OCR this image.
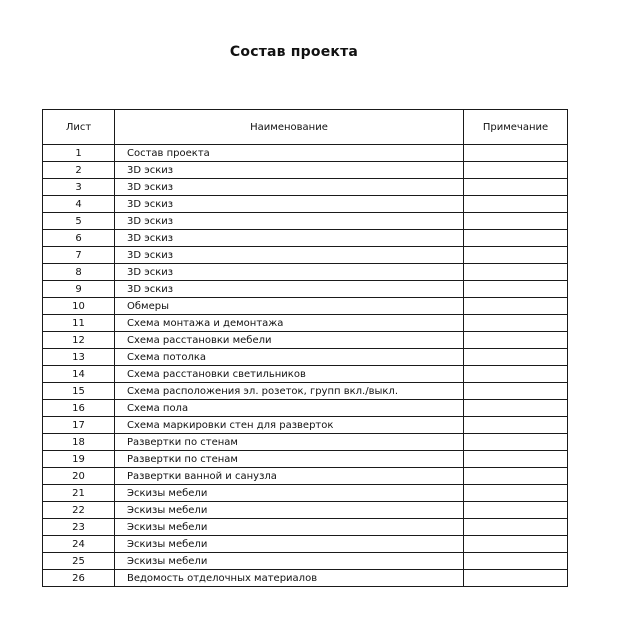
Состав проекта
Лист	Наименование	Примечание
1	Состав проекта	
2	3D эскиз	
3	3D эскиз	
4	3D эскиз	
5	3D эскиз	
6	3D эскиз	
7	3D эскиз	
8	3D эскиз	
9	3D эскиз	
10	Обмеры	
11	Схема монтажа и демонтажа	
12	Схема расстановки мебели	
13	Схема потолка	
14	Схема расстановки светильников	
15	Схема расположения эл. розеток, групп вкл./выкл.	
16	Схема пола	
17	Схема маркировки стен для разверток	
18	Развертки по стенам	
19	Развертки по стенам	
20	Развертки ванной и санузла	
21	Эскизы мебели	
22	Эскизы мебели	
23	Эскизы мебели	
24	Эскизы мебели	
25	Эскизы мебели	
26	Ведомость отделочных материалов	
